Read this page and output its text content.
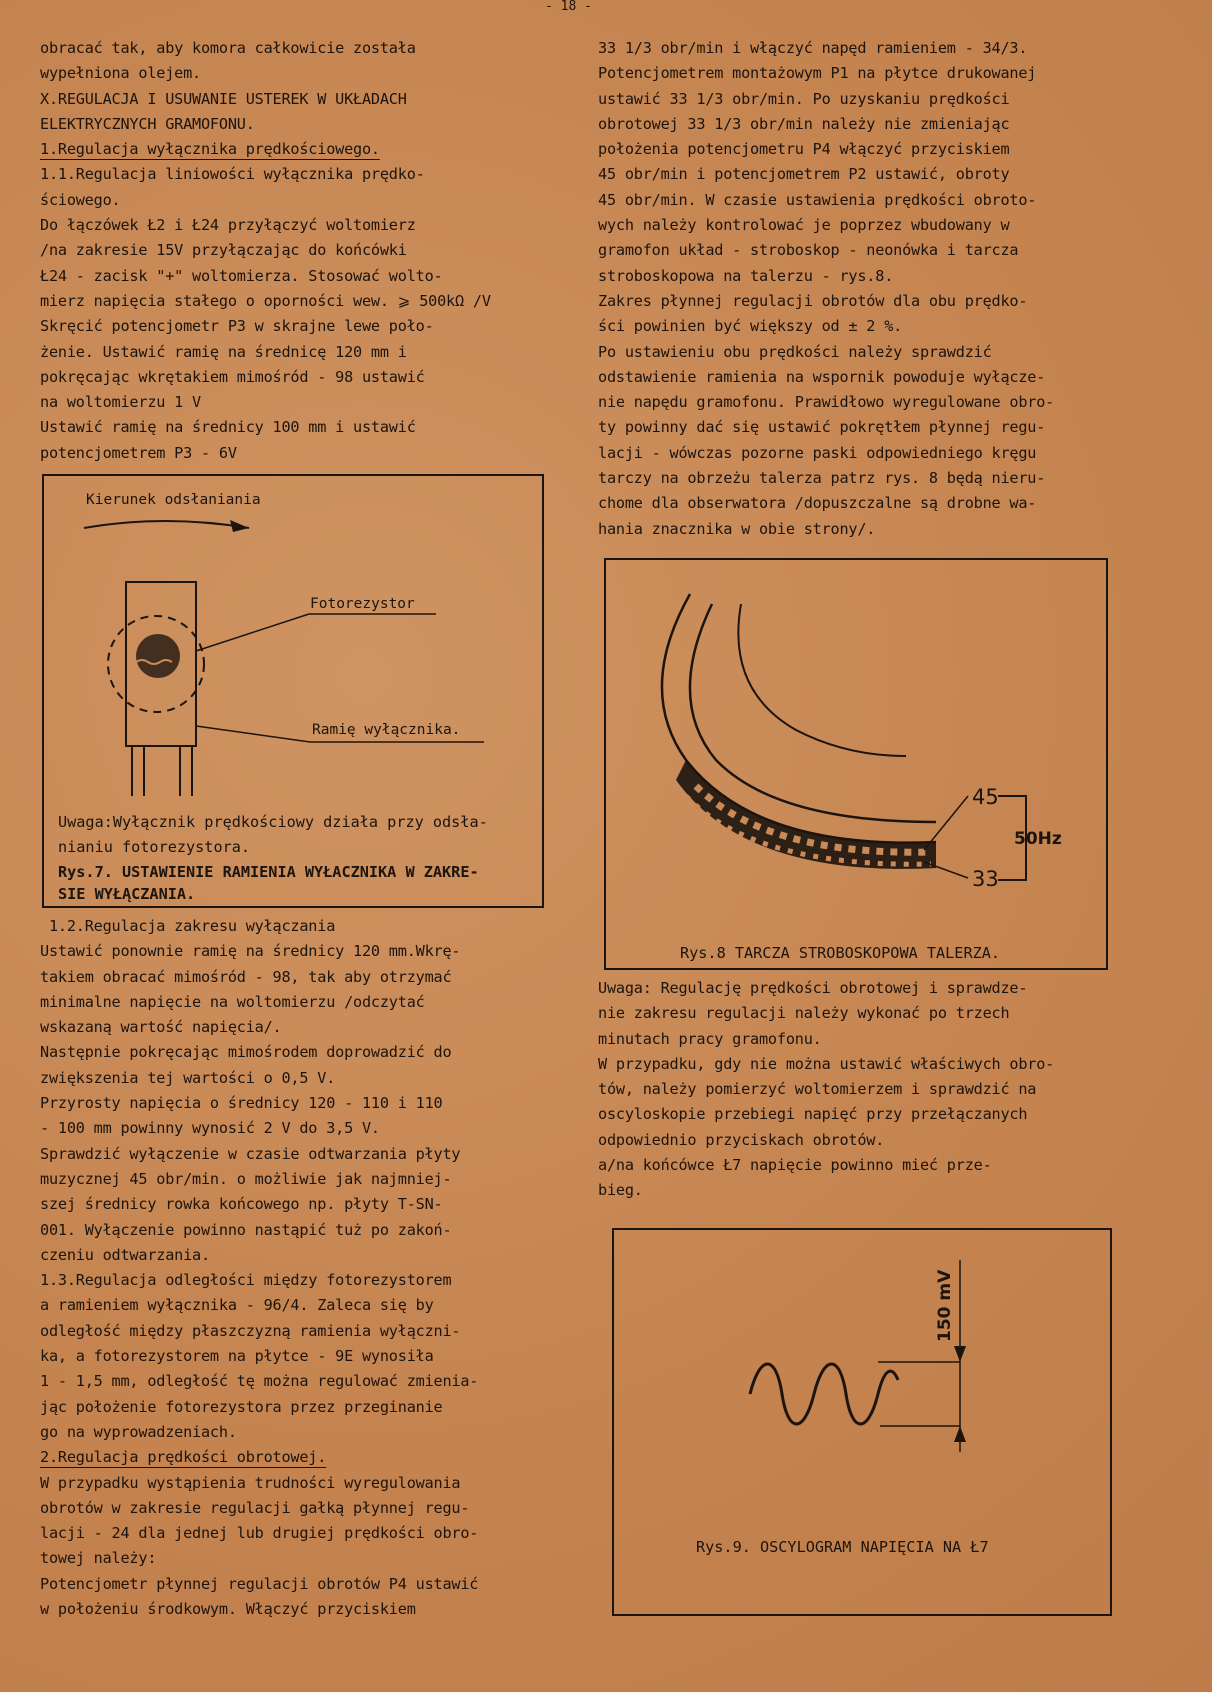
- 18 -
obracać tak, aby komora całkowicie została
wypełniona olejem.
X.REGULACJA I USUWANIE USTEREK W UKŁADACH
ELEKTRYCZNYCH GRAMOFONU.
1.Regulacja wyłącznika prędkościowego.
1.1.Regulacja liniowości wyłącznika prędko-
ściowego.
Do łączówek Ł2 i Ł24 przyłączyć woltomierz
/na zakresie 15V przyłączając do końcówki
Ł24 - zacisk "+" woltomierza. Stosować wolto-
mierz napięcia stałego o oporności wew. ⩾ 500kΩ /V
Skręcić potencjometr P3 w skrajne lewe poło-
żenie. Ustawić ramię na średnicę 120 mm i
pokręcając wkrętakiem mimośród - 98 ustawić
na woltomierzu 1 V
Ustawić ramię na średnicy 100 mm i ustawić
potencjometrem P3 - 6V
1.2.Regulacja zakresu wyłączania
Ustawić ponownie ramię na średnicy 120 mm.Wkrę-
takiem obracać mimośród - 98, tak aby otrzymać
minimalne napięcie na woltomierzu /odczytać
wskazaną wartość napięcia/.
Następnie pokręcając mimośrodem doprowadzić do
zwiększenia tej wartości o 0,5 V.
Przyrosty napięcia o średnicy 120 - 110 i 110
- 100 mm powinny wynosić 2 V do 3,5 V.
Sprawdzić wyłączenie w czasie odtwarzania płyty
muzycznej 45 obr/min. o możliwie jak najmniej-
szej średnicy rowka końcowego np. płyty T-SN-
001. Wyłączenie powinno nastąpić tuż po zakoń-
czeniu odtwarzania.
1.3.Regulacja odległości między fotorezystorem
a ramieniem wyłącznika - 96/4. Zaleca się by
odległość między płaszczyzną ramienia wyłączni-
ka, a fotorezystorem na płytce - 9E wynosiła
1 - 1,5 mm, odległość tę można regulować zmienia-
jąc położenie fotorezystora przez przeginanie
go na wyprowadzeniach.
2.Regulacja prędkości obrotowej.
W przypadku wystąpienia trudności wyregulowania
obrotów w zakresie regulacji gałką płynnej regu-
lacji - 24 dla jednej lub drugiej prędkości obro-
towej należy:
Potencjometr płynnej regulacji obrotów P4 ustawić
w położeniu środkowym. Włączyć przyciskiem
33 1/3 obr/min i włączyć napęd ramieniem - 34/3.
Potencjometrem montażowym P1 na płytce drukowanej
ustawić 33 1/3 obr/min. Po uzyskaniu prędkości
obrotowej 33 1/3 obr/min należy nie zmieniając
położenia potencjometru P4 włączyć przyciskiem
45 obr/min i potencjometrem P2 ustawić, obroty
45 obr/min. W czasie ustawienia prędkości obroto-
wych należy kontrolować je poprzez wbudowany w
gramofon układ - stroboskop - neonówka i tarcza
stroboskopowa na talerzu - rys.8.
Zakres płynnej regulacji obrotów dla obu prędko-
ści powinien być większy od ± 2 %.
Po ustawieniu obu prędkości należy sprawdzić
odstawienie ramienia na wspornik powoduje wyłącze-
nie napędu gramofonu. Prawidłowo wyregulowane obro-
ty powinny dać się ustawić pokrętłem płynnej regu-
lacji - wówczas pozorne paski odpowiedniego kręgu
tarczy na obrzeżu talerza patrz rys. 8 będą nieru-
chome dla obserwatora /dopuszczalne są drobne wa-
hania znacznika w obie strony/.
Uwaga: Regulację prędkości obrotowej i sprawdze-
nie zakresu regulacji należy wykonać po trzech
minutach pracy gramofonu.
W przypadku, gdy nie można ustawić właściwych obro-
tów, należy pomierzyć woltomierzem i sprawdzić na
oscyloskopie przebiegi napięć przy przełączanych
odpowiednio przyciskach obrotów.
a/na końcówce Ł7 napięcie powinno mieć prze-
bieg.
Kierunek odsłaniania
Fotorezystor
Ramię wyłącznika.
Uwaga:Wyłącznik prędkościowy działa przy odsła-
nianiu fotorezystora.
Rys.7. USTAWIENIE RAMIENIA WYŁACZNIKA W ZAKRE-
SIE WYŁĄCZANIA.
45
33
50Hz
Rys.8 TARCZA STROBOSKOPOWA TALERZA.
150 mV
Rys.9. OSCYLOGRAM NAPIĘCIA NA Ł7
